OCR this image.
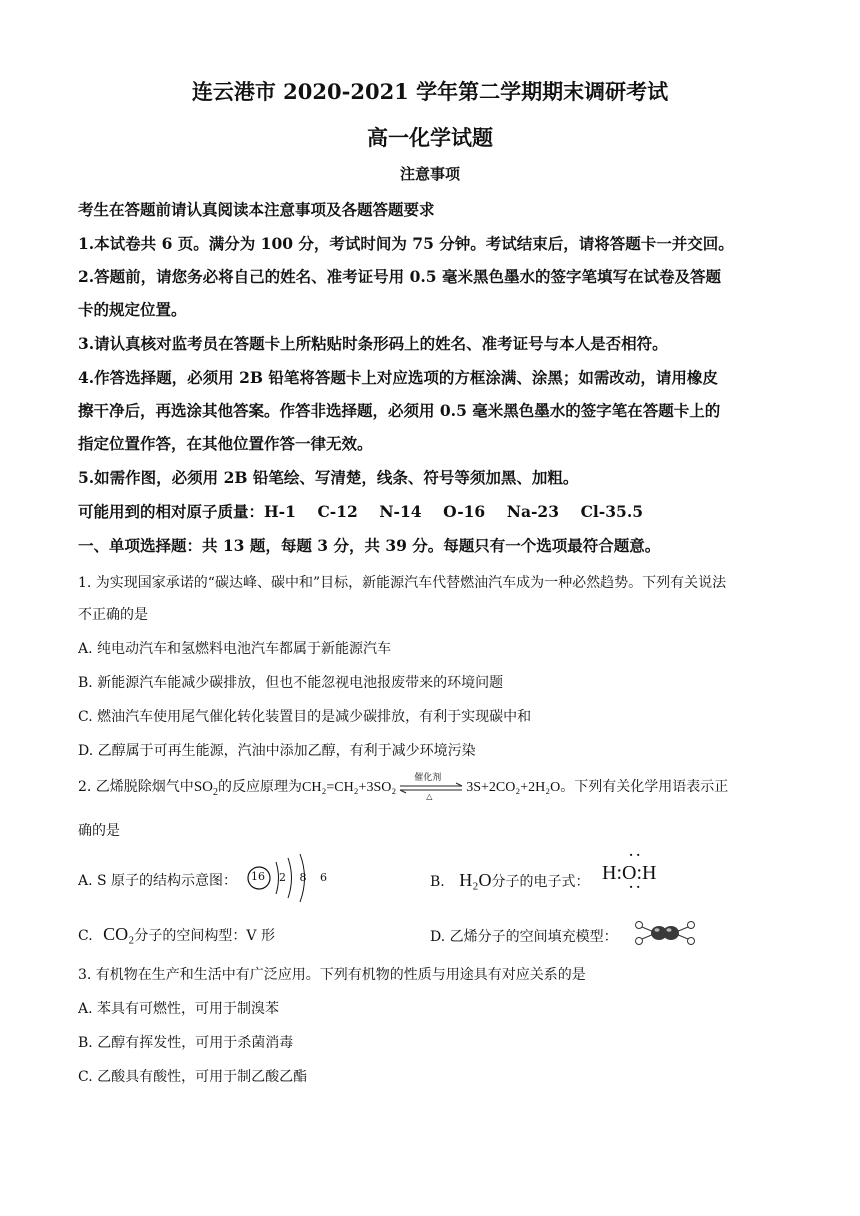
连云港市 2020-2021 学年第二学期期末调研考试
高一化学试题
注意事项
考生在答题前请认真阅读本注意事项及各题答题要求
1.本试卷共 6 页。满分为 100 分，考试时间为 75 分钟。考试结束后，请将答题卡一并交回。
2.答题前，请您务必将自己的姓名、准考证号用 0.5 毫米黑色墨水的签字笔填写在试卷及答题
卡的规定位置。
3.请认真核对监考员在答题卡上所粘贴时条形码上的姓名、准考证号与本人是否相符。
4.作答选择题，必须用 2B 铅笔将答题卡上对应选项的方框涂满、涂黑；如需改动，请用橡皮
擦干净后，再选涂其他答案。作答非选择题，必须用 0.5 毫米黑色墨水的签字笔在答题卡上的
指定位置作答，在其他位置作答一律无效。
5.如需作图，必须用 2B 铅笔绘、写清楚，线条、符号等须加黑、加粗。
可能用到的相对原子质量：H-1    C-12    N-14    O-16    Na-23    Cl-35.5
一、单项选择题：共 13 题，每题 3 分，共 39 分。每题只有一个选项最符合题意。
1. 为实现国家承诺的“碳达峰、碳中和”目标，新能源汽车代替燃油汽车成为一种必然趋势。下列有关说法
不正确的是
A. 纯电动汽车和氢燃料电池汽车都属于新能源汽车
B. 新能源汽车能减少碳排放，但也不能忽视电池报废带来的环境问题
C. 燃油汽车使用尾气催化转化装置目的是减少碳排放，有利于实现碳中和
D. 乙醇属于可再生能源，汽油中添加乙醇，有利于减少环境污染
2. 乙烯脱除烟气中$SO_2$的反应原理为CH₂=CH₂+3SO₂
催化剂
△
3S+2CO₂+2H₂O。下列有关化学用语表示正
确的是
A. S 原子的结构示意图： 16 2 8 6	B. H₂O分子的电子式：
··
H:O:H
··
C. CO₂分子的空间构型：V 形	D. 乙烯分子的空间填充模型：
3. 有机物在生产和生活中有广泛应用。下列有机物的性质与用途具有对应关系的是
A. 苯具有可燃性，可用于制溴苯
B. 乙醇有挥发性，可用于杀菌消毒
C. 乙酸具有酸性，可用于制乙酸乙酯
